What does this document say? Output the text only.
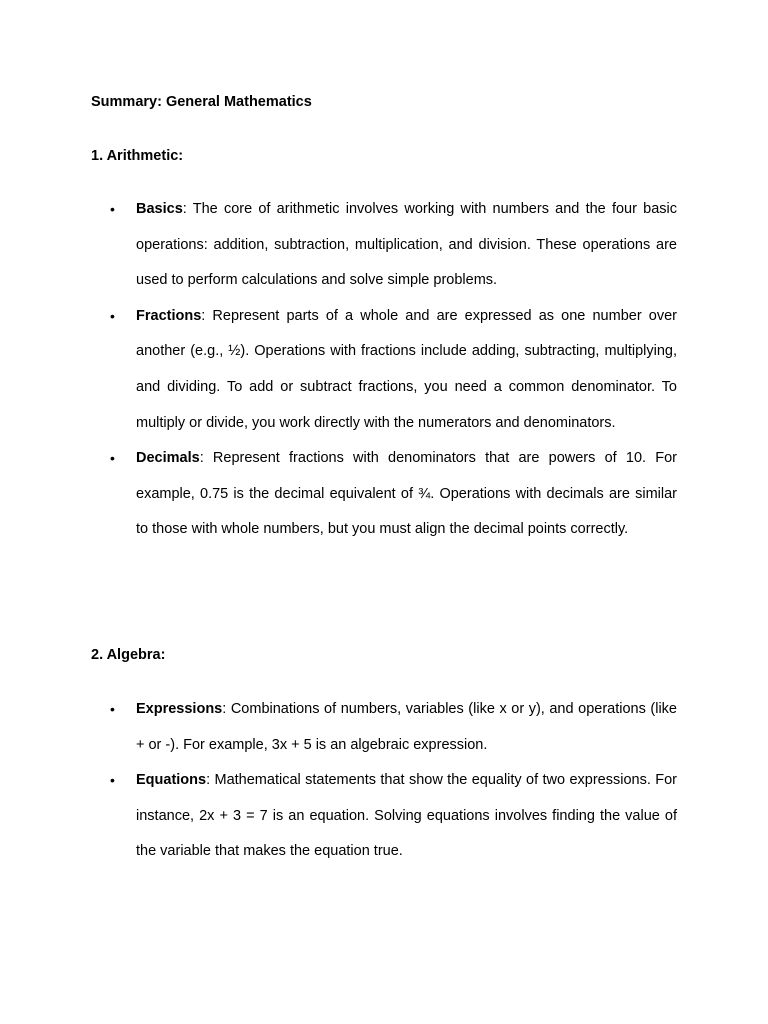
Summary: General Mathematics

1. Arithmetic:

•	Basics: The core of arithmetic involves working with numbers and the four basic operations: addition, subtraction, multiplication, and division. These operations are used to perform calculations and solve simple problems.
•	Fractions: Represent parts of a whole and are expressed as one number over another (e.g., ½). Operations with fractions include adding, subtracting, multiplying, and dividing. To add or subtract fractions, you need a common denominator. To multiply or divide, you work directly with the numerators and denominators.
•	Decimals: Represent fractions with denominators that are powers of 10. For example, 0.75 is the decimal equivalent of ¾. Operations with decimals are similar to those with whole numbers, but you must align the decimal points correctly.

2. Algebra:

•	Expressions: Combinations of numbers, variables (like x or y), and operations (like + or -). For example, 3x + 5 is an algebraic expression.
•	Equations: Mathematical statements that show the equality of two expressions. For instance, 2x + 3 = 7 is an equation. Solving equations involves finding the value of the variable that makes the equation true.
